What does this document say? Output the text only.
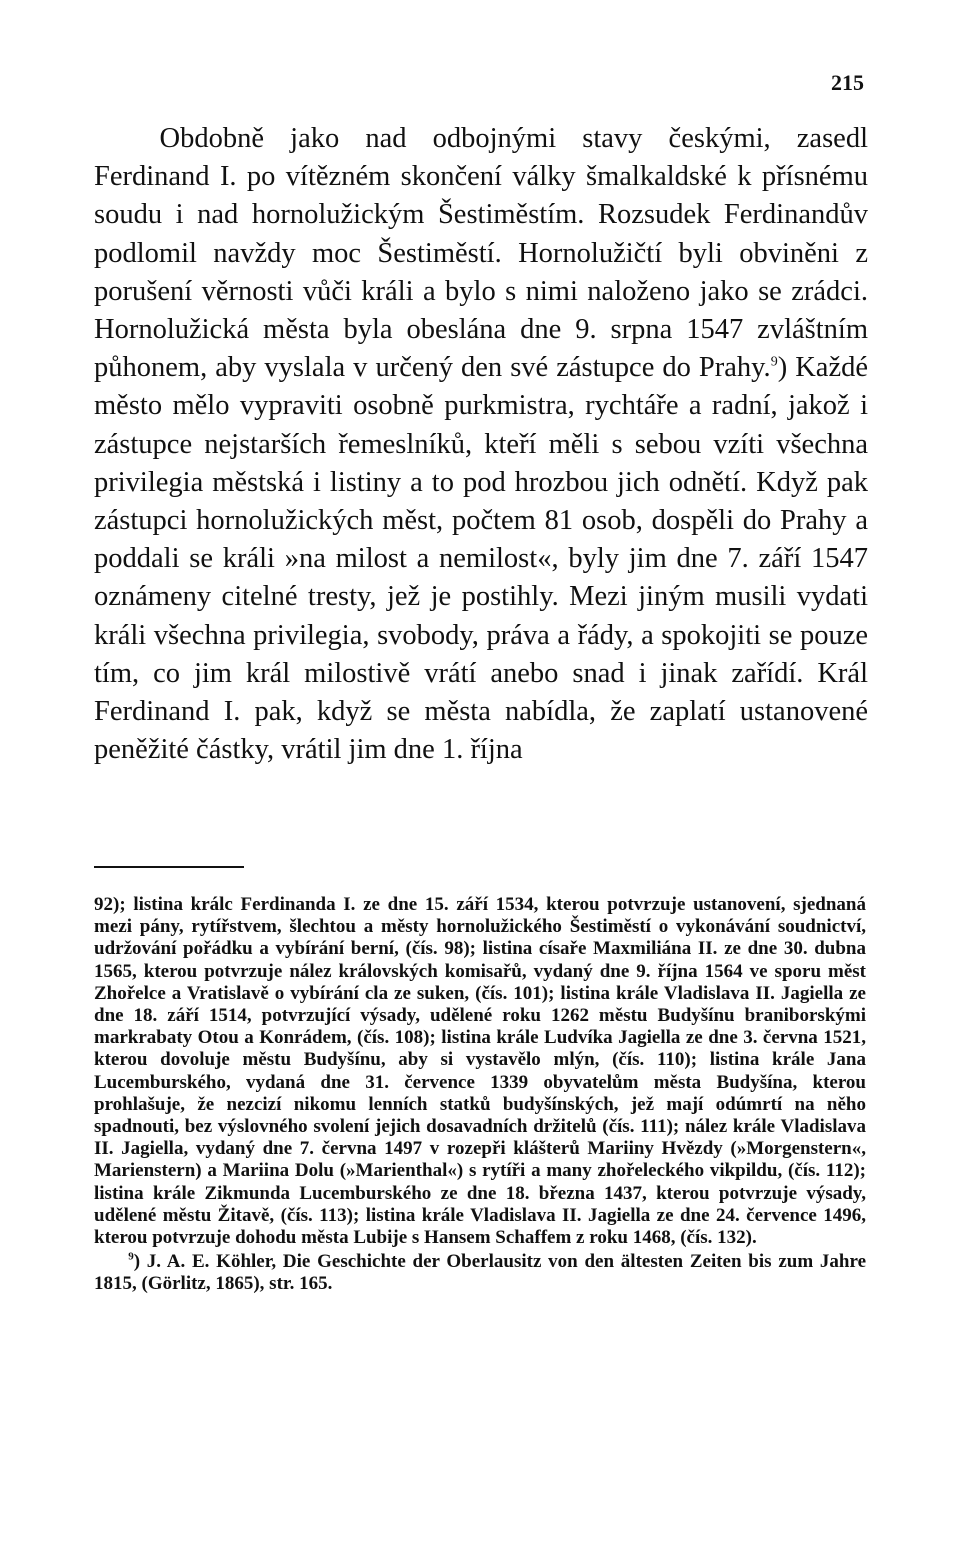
215

Obdobně jako nad odbojnými stavy českými, zasedl Ferdinand I. po vítězném skončení války šmalkaldské k přísnému soudu i nad hornolužickým Šestiměstím. Rozsudek Ferdinandův podlomil navždy moc Šestiměstí. Hornolužičtí byli obviněni z porušení věrnosti vůči králi a bylo s nimi naloženo jako se zrádci. Hornolužická města byla obeslána dne 9. srpna 1547 zvláštním půhonem, aby vyslala v určený den své zástupce do Prahy.$^9$) Každé město mělo vypraviti osobně purkmistra, rychtáře a radní, jakož i zástupce nejstarších řemeslníků, kteří měli s sebou vzíti všechna privilegia městská i listiny a to pod hrozbou jich odnětí. Když pak zástupci hornolužických měst, počtem 81 osob, dospěli do Prahy a poddali se králi »na milost a nemilost«, byly jim dne 7. září 1547 oznámeny citelné tresty, jež je postihly. Mezi jiným musili vydati králi všechna privilegia, svobody, práva a řády, a spokojiti se pouze tím, co jim král milostivě vrátí anebo snad i jinak zařídí. Král Ferdinand I. pak, když se města nabídla, že zaplatí ustanovené peněžité částky, vrátil jim dne 1. října

92); listina králc Ferdinanda I. ze dne 15. září 1534, kterou potvrzuje ustanovení, sjednaná mezi pány, rytířstvem, šlechtou a městy hornolužického Šestiměstí o vykonávání soudnictví, udržování pořádku a vybírání berní, (čís. 98); listina císaře Maxmiliána II. ze dne 30. dubna 1565, kterou potvrzuje nález královských komisařů, vydaný dne 9. října 1564 ve sporu měst Zhořelce a Vratislavě o vybírání cla ze suken, (čís. 101); listina krále Vladislava II. Jagiella ze dne 18. září 1514, potvrzující výsady, udělené roku 1262 městu Budyšínu braniborskými markrabaty Otou a Konrádem, (čís. 108); listina krále Ludvíka Jagiella ze dne 3. června 1521, kterou dovoluje městu Budyšínu, aby si vystavělo mlýn, (čís. 110); listina krále Jana Lucemburského, vydaná dne 31. července 1339 obyvatelům města Budyšína, kterou prohlašuje, že nezcizí nikomu lenních statků budyšínských, jež mají odúmrtí na něho spadnouti, bez výslovného svolení jejich dosavadních držitelů (čís. 111); nález krále Vladislava II. Jagiella, vydaný dne 7. června 1497 v rozepři klášterů Mariiny Hvězdy (»Morgenstern«, Marienstern) a Mariina Dolu (»Marienthal«) s rytíři a many zhořeleckého vikpildu, (čís. 112); listina krále Zikmunda Lucemburského ze dne 18. března 1437, kterou potvrzuje výsady, udělené městu Žitavě, (čís. 113); listina krále Vladislava II. Jagiella ze dne 24. července 1496, kterou potvrzuje dohodu města Lubije s Hansem Schaffem z roku 1468, (čís. 132).

$^9$) J. A. E. Köhler, Die Geschichte der Oberlausitz von den ältesten Zeiten bis zum Jahre 1815, (Görlitz, 1865), str. 165.
